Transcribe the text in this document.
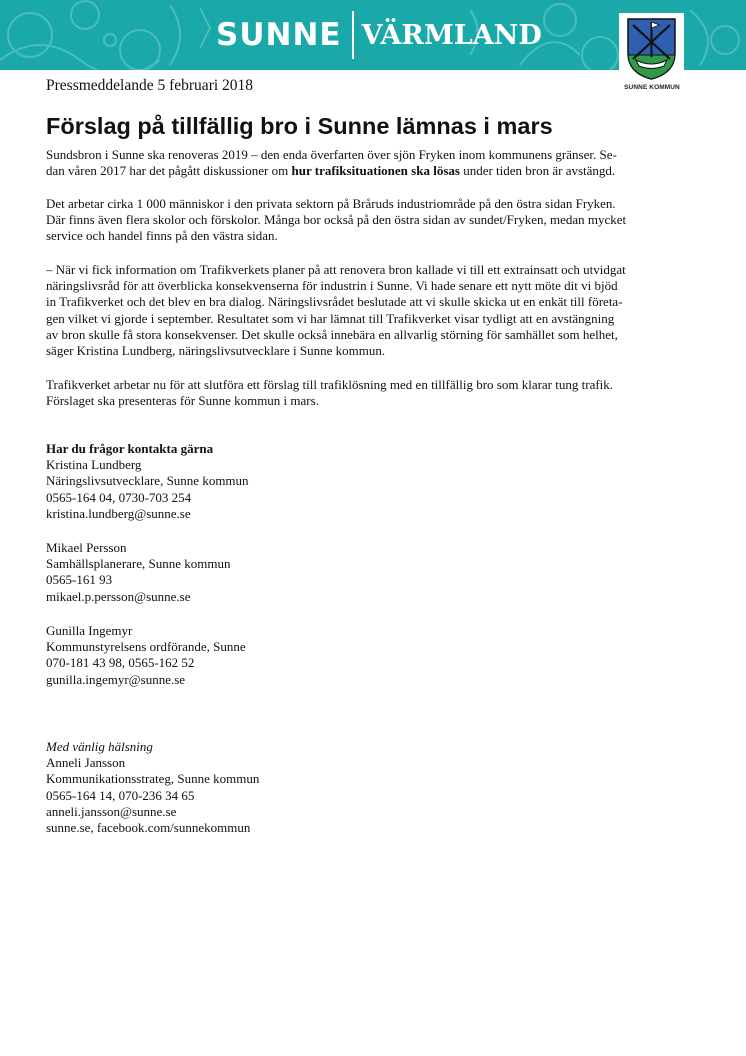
SUNNE VÄRMLAND
SUNNE KOMMUN
Pressmeddelande 5 februari 2018
Förslag på tillfällig bro i Sunne lämnas i mars

Sundsbron i Sunne ska renoveras 2019 – den enda överfarten över sjön Fryken inom kommunens gränser. Se-
dan våren 2017 har det pågått diskussioner om hur trafiksituationen ska lösas under tiden bron är avstängd.

Det arbetar cirka 1 000 människor i den privata sektorn på Bråruds industriområde på den östra sidan Fryken.
Där finns även flera skolor och förskolor. Många bor också på den östra sidan av sundet/Fryken, medan mycket
service och handel finns på den västra sidan.

– När vi fick information om Trafikverkets planer på att renovera bron kallade vi till ett extrainsatt och utvidgat
näringslivsråd för att överblicka konsekvenserna för industrin i Sunne. Vi hade senare ett nytt möte dit vi bjöd
in Trafikverket och det blev en bra dialog. Näringslivsrådet beslutade att vi skulle skicka ut en enkät till företa-
gen vilket vi gjorde i september. Resultatet som vi har lämnat till Trafikverket visar tydligt att en avstängning
av bron skulle få stora konsekvenser. Det skulle också innebära en allvarlig störning för samhället som helhet,
säger Kristina Lundberg, näringslivsutvecklare i Sunne kommun.

Trafikverket arbetar nu för att slutföra ett förslag till trafiklösning med en tillfällig bro som klarar tung trafik.
Förslaget ska presenteras för Sunne kommun i mars.

Har du frågor kontakta gärna
Kristina Lundberg
Näringslivsutvecklare, Sunne kommun
0565-164 04, 0730-703 254
kristina.lundberg@sunne.se
Mikael Persson
Samhällsplanerare, Sunne kommun
0565-161 93
mikael.p.persson@sunne.se
Gunilla Ingemyr
Kommunstyrelsens ordförande, Sunne
070-181 43 98, 0565-162 52
gunilla.ingemyr@sunne.se
Med vänlig hälsning
Anneli Jansson
Kommunikationsstrateg, Sunne kommun
0565-164 14, 070-236 34 65
anneli.jansson@sunne.se
sunne.se, facebook.com/sunnekommun
